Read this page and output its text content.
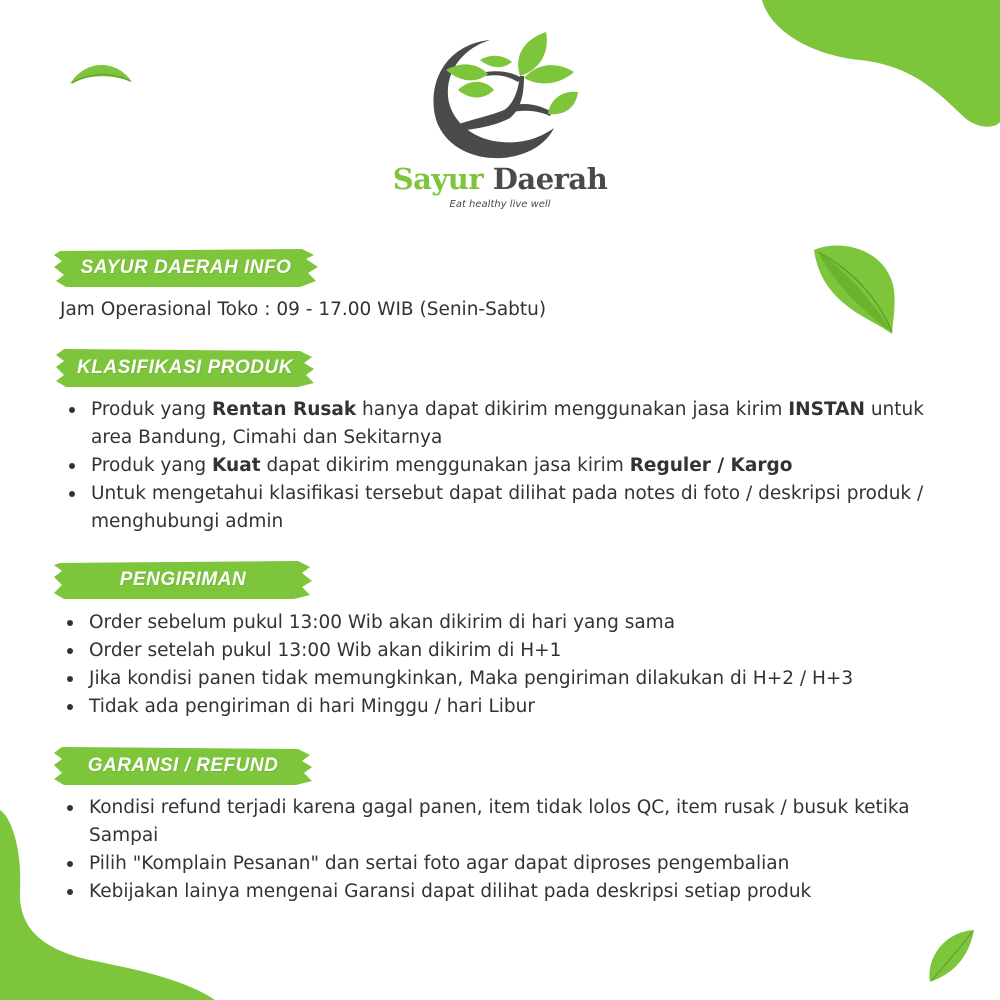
Sayur Daerah
Eat healthy live well
SAYUR DAERAH INFO
Jam Operasional Toko : 09 - 17.00 WIB (Senin-Sabtu)
KLASIFIKASI PRODUK
Produk yang Rentan Rusak hanya dapat dikirim menggunakan jasa kirim INSTAN untuk area Bandung, Cimahi dan Sekitarnya
Produk yang Kuat dapat dikirim menggunakan jasa kirim Reguler / Kargo
Untuk mengetahui klasifikasi tersebut dapat dilihat pada notes di foto / deskripsi produk / menghubungi admin
PENGIRIMAN
Order sebelum pukul 13:00 Wib akan dikirim di hari yang sama
Order setelah pukul 13:00 Wib akan dikirim di H+1
Jika kondisi panen tidak memungkinkan, Maka pengiriman dilakukan di H+2 / H+3
Tidak ada pengiriman di hari Minggu / hari Libur
GARANSI / REFUND
Kondisi refund terjadi karena gagal panen, item tidak lolos QC, item rusak / busuk ketika Sampai
Pilih "Komplain Pesanan" dan sertai foto agar dapat diproses pengembalian
Kebijakan lainya mengenai Garansi dapat dilihat pada deskripsi setiap produk
